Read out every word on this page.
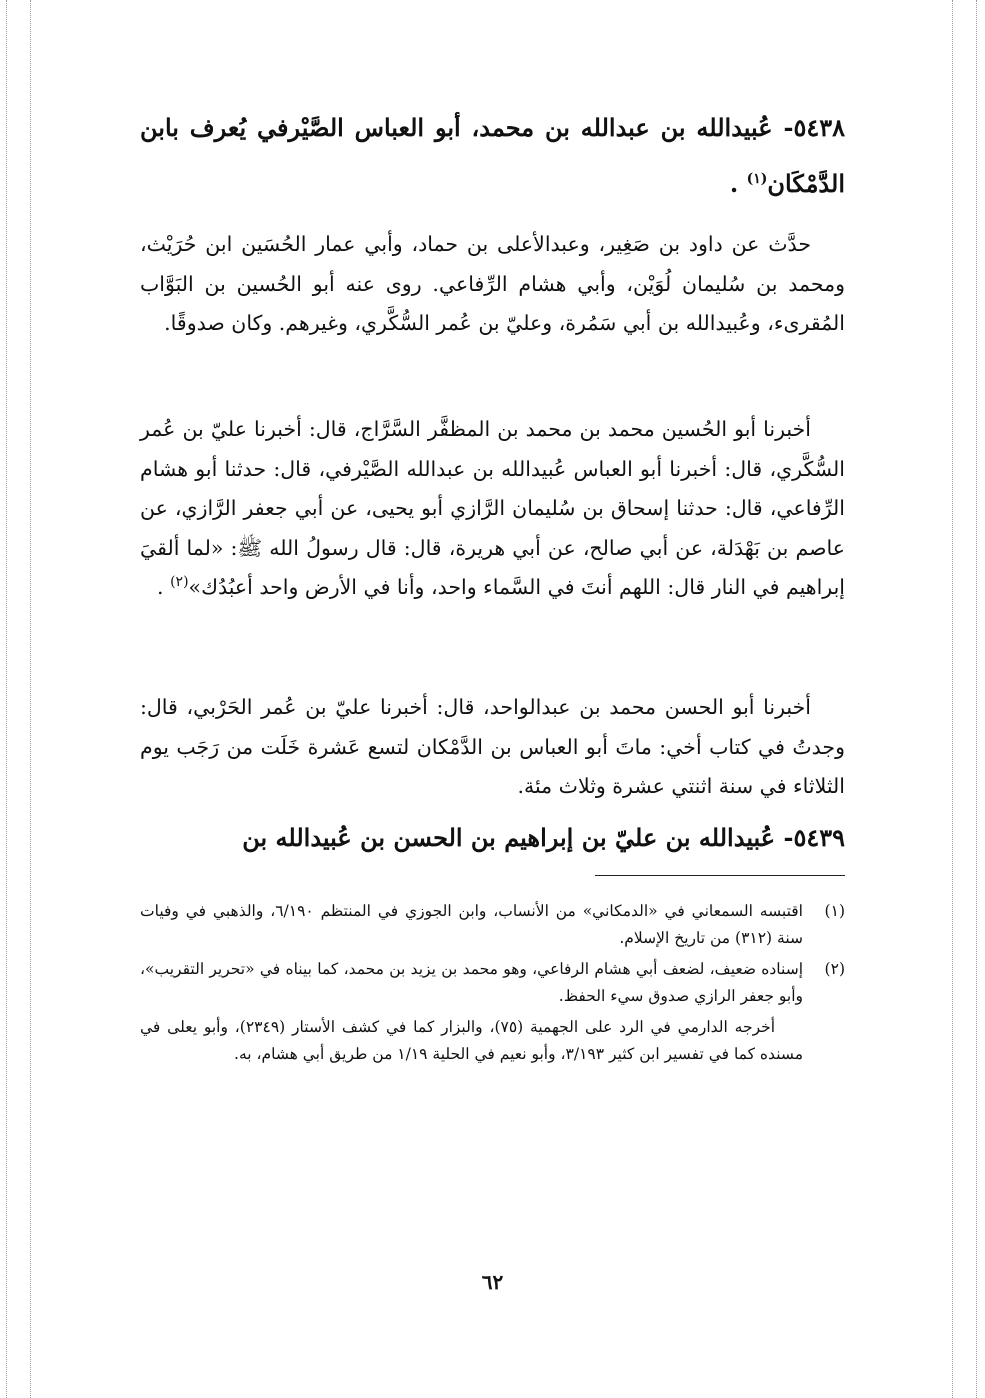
٥٤٣٨- عُبيدالله بن عبدالله بن محمد، أبو العباس الصَّيْرفي يُعرف بابن الدَّمْكَان$^{(١)}$ .
حدَّث عن داود بن صَغِير، وعبدالأعلى بن حماد، وأبي عمار الحُسَين ابن حُرَيْث، ومحمد بن سُليمان لُوَيْن، وأبي هشام الرِّفاعي. روى عنه أبو الحُسين بن البَوَّاب المُقرىء، وعُبيدالله بن أبي سَمُرة، وعليّ بن عُمر السُّكَّري، وغيرهم. وكان صدوقًا.
أخبرنا أبو الحُسين محمد بن محمد بن المظفَّر السَّرَّاج، قال: أخبرنا عليّ بن عُمر السُّكَّري، قال: أخبرنا أبو العباس عُبيدالله بن عبدالله الصَّيْرفي، قال: حدثنا أبو هشام الرِّفاعي، قال: حدثنا إسحاق بن سُليمان الرَّازي أبو يحيى، عن أبي جعفر الرَّازي، عن عاصم بن بَهْدَلة، عن أبي صالح، عن أبي هريرة، قال: قال رسولُ الله ﷺ: «لما ألقيَ إبراهيم في النار قال: اللهم أنتَ في السَّماء واحد، وأنا في الأرض واحد أعبُدُك»$^{(٢)}$ .
أخبرنا أبو الحسن محمد بن عبدالواحد، قال: أخبرنا عليّ بن عُمر الحَرْبي، قال: وجدتُ في كتاب أخي: ماتَ أبو العباس بن الدَّمْكان لتسع عَشرة خَلَت من رَجَب يوم الثلاثاء في سنة اثنتي عشرة وثلاث مئة.
٥٤٣٩- عُبيدالله بن عليّ بن إبراهيم بن الحسن بن عُبيدالله بن
(١)
اقتبسه السمعاني في «الدمكاني» من الأنساب، وابن الجوزي في المنتظم ٦/١٩٠، والذهبي في وفيات سنة (٣١٢) من تاريخ الإسلام.
(٢)
إسناده ضعيف، لضعف أبي هشام الرفاعي، وهو محمد بن يزيد بن محمد، كما بيناه في «تحرير التقريب»، وأبو جعفر الرازي صدوق سيء الحفظ.
أخرجه الدارمي في الرد على الجهمية (٧٥)، والبزار كما في كشف الأستار (٢٣٤٩)، وأبو يعلى في مسنده كما في تفسير ابن كثير ٣/١٩٣، وأبو نعيم في الحلية ١/١٩ من طريق أبي هشام، به.
٦٢
